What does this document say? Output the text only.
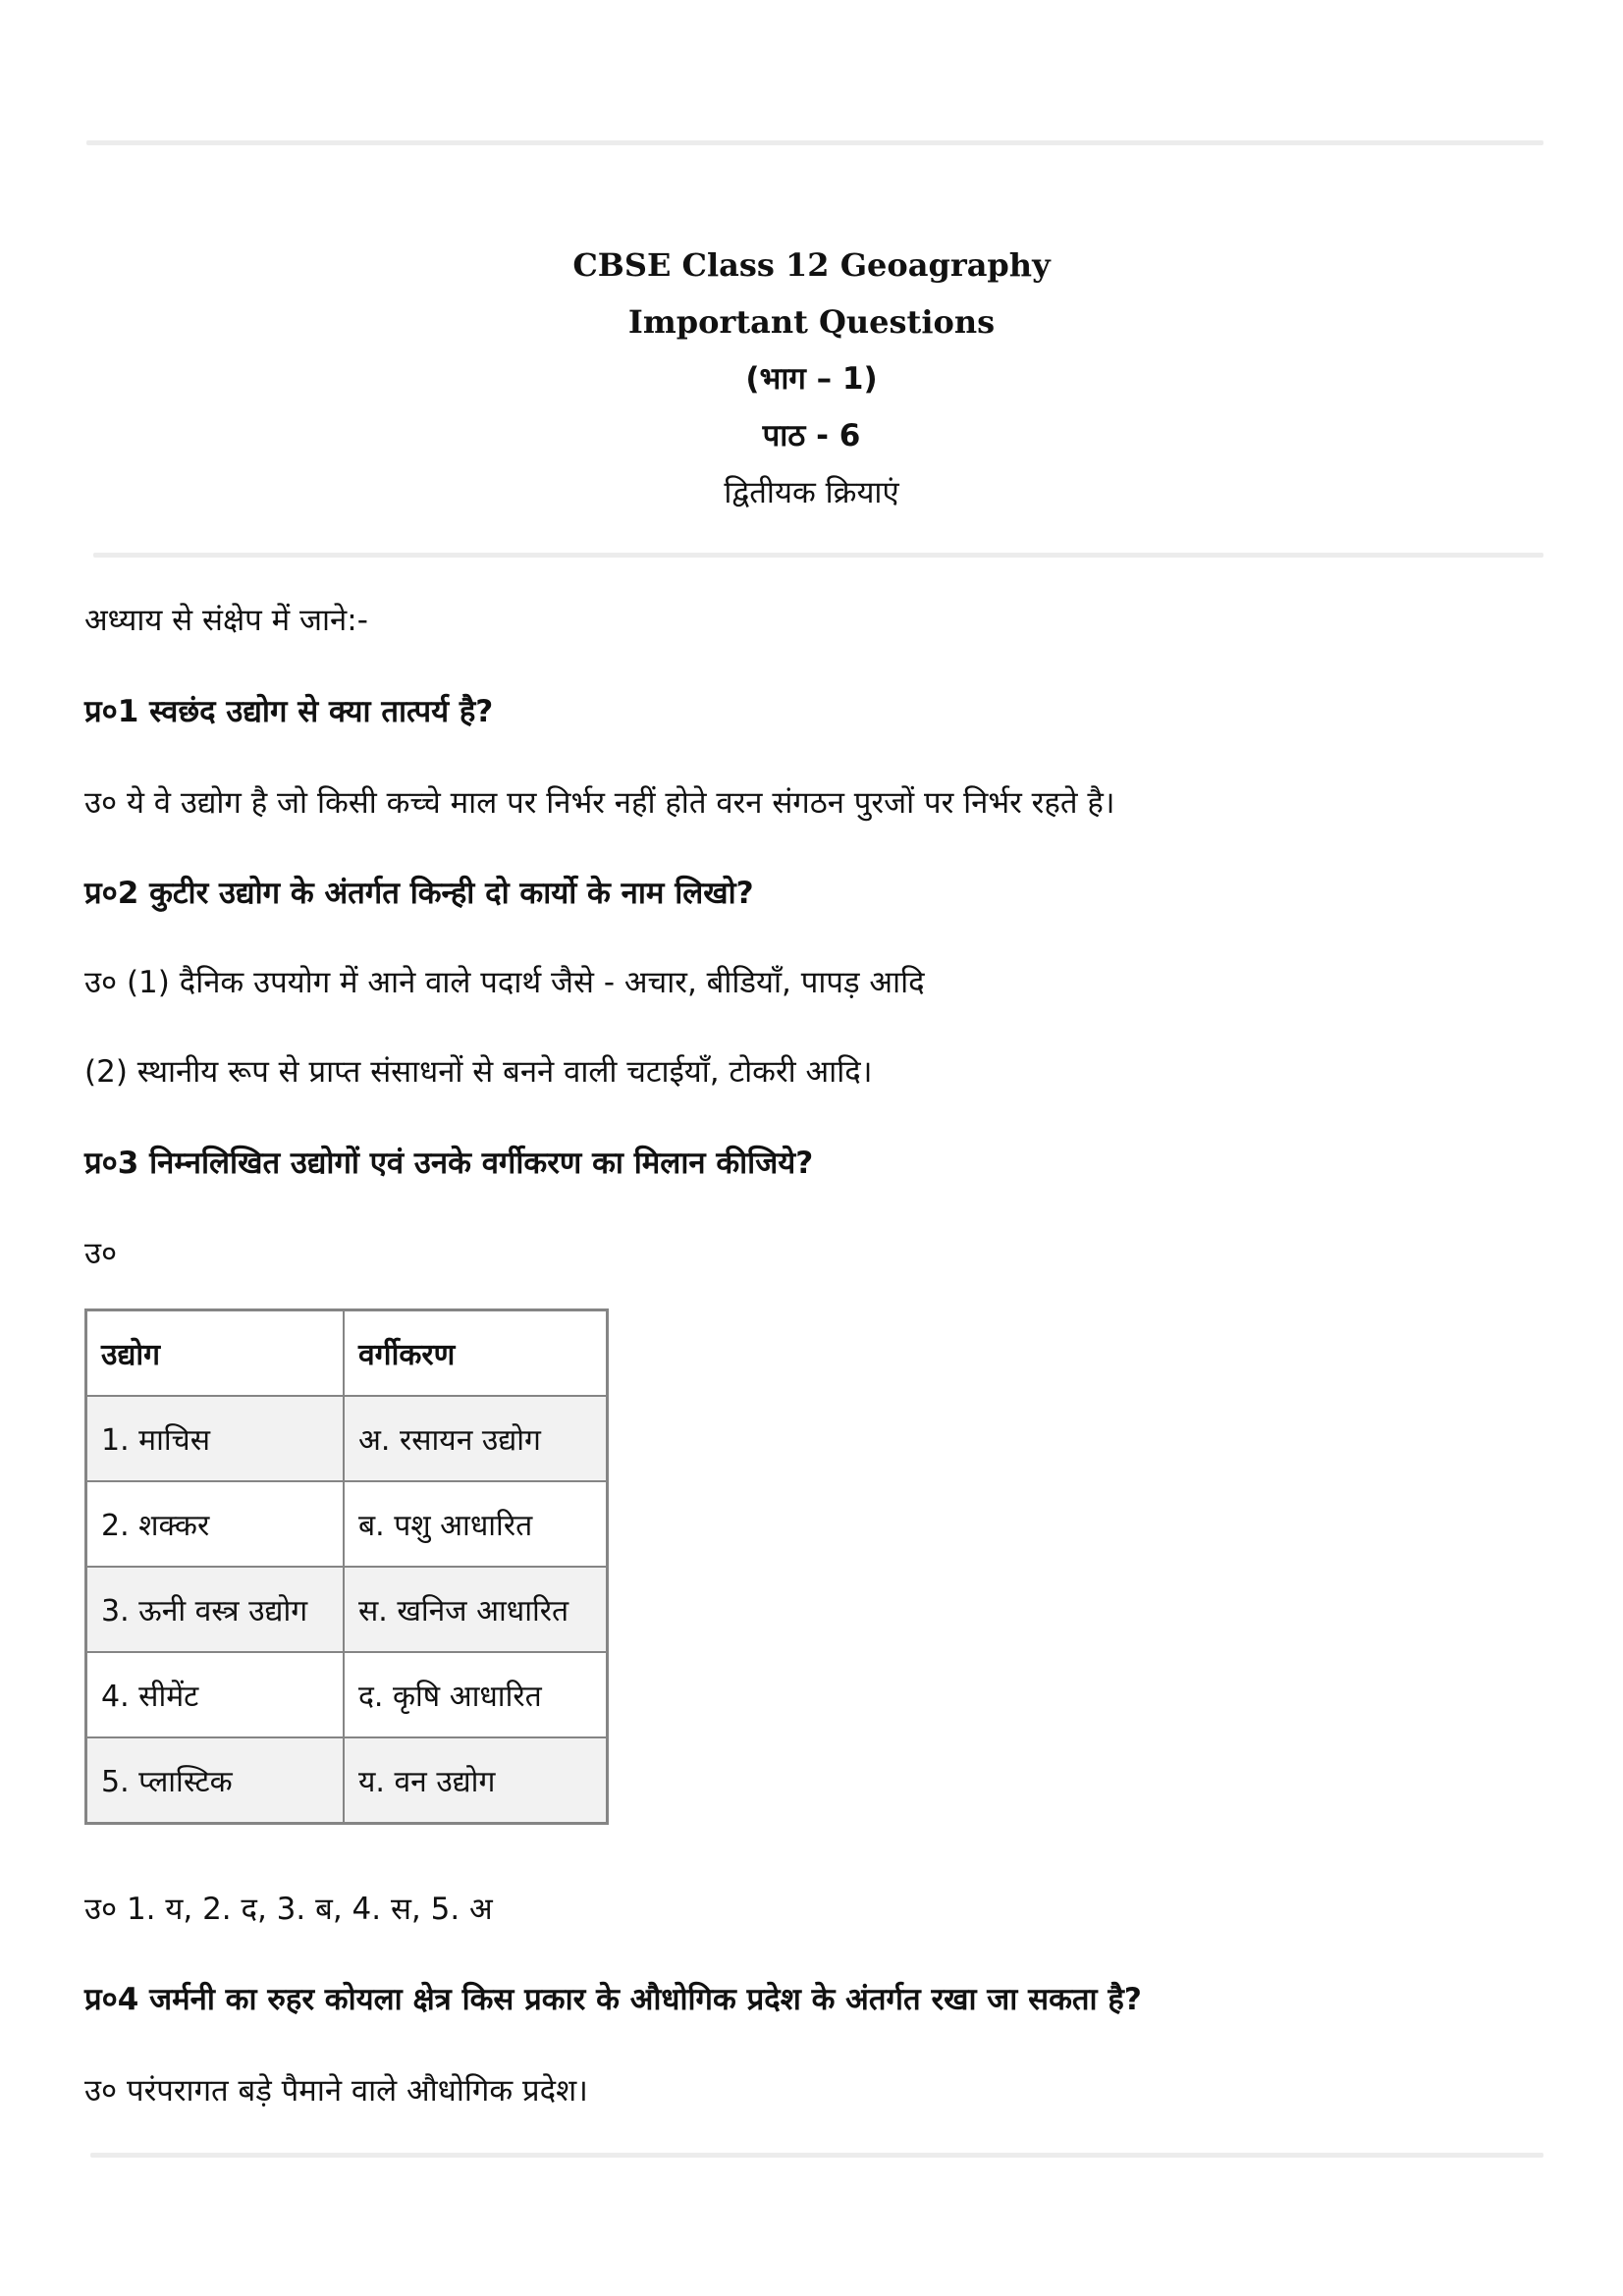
CBSE Class 12 Geoagraphy
Important Questions
(भाग – 1)
पाठ - 6
द्वितीयक क्रियाएं
अध्याय से संक्षेप में जाने:-
प्र०1 स्वछंद उद्योग से क्या तात्पर्य है?
उ० ये वे उद्योग है जो किसी कच्चे माल पर निर्भर नहीं होते वरन संगठन पुरजों पर निर्भर रहते है।
प्र०2 कुटीर उद्योग के अंतर्गत किन्ही दो कार्यो के नाम लिखो?
उ० (1) दैनिक उपयोग में आने वाले पदार्थ जैसे - अचार, बीडियाँ, पापड़ आदि
(2) स्थानीय रूप से प्राप्त संसाधनों से बनने वाली चटाईयाँ, टोकरी आदि।
प्र०3 निम्नलिखित उद्योगों एवं उनके वर्गीकरण का मिलान कीजिये?
उ०
उद्योग	वर्गीकरण
1. माचिस	अ. रसायन उद्योग
2. शक्कर	ब. पशु आधारित
3. ऊनी वस्त्र उद्योग	स. खनिज आधारित
4. सीमेंट	द. कृषि आधारित
5. प्लास्टिक	य. वन उद्योग
उ० 1. य, 2. द, 3. ब, 4. स, 5. अ
प्र०4 जर्मनी का रुहर कोयला क्षेत्र किस प्रकार के औधोगिक प्रदेश के अंतर्गत रखा जा सकता है?
उ० परंपरागत बड़े पैमाने वाले औधोगिक प्रदेश।
